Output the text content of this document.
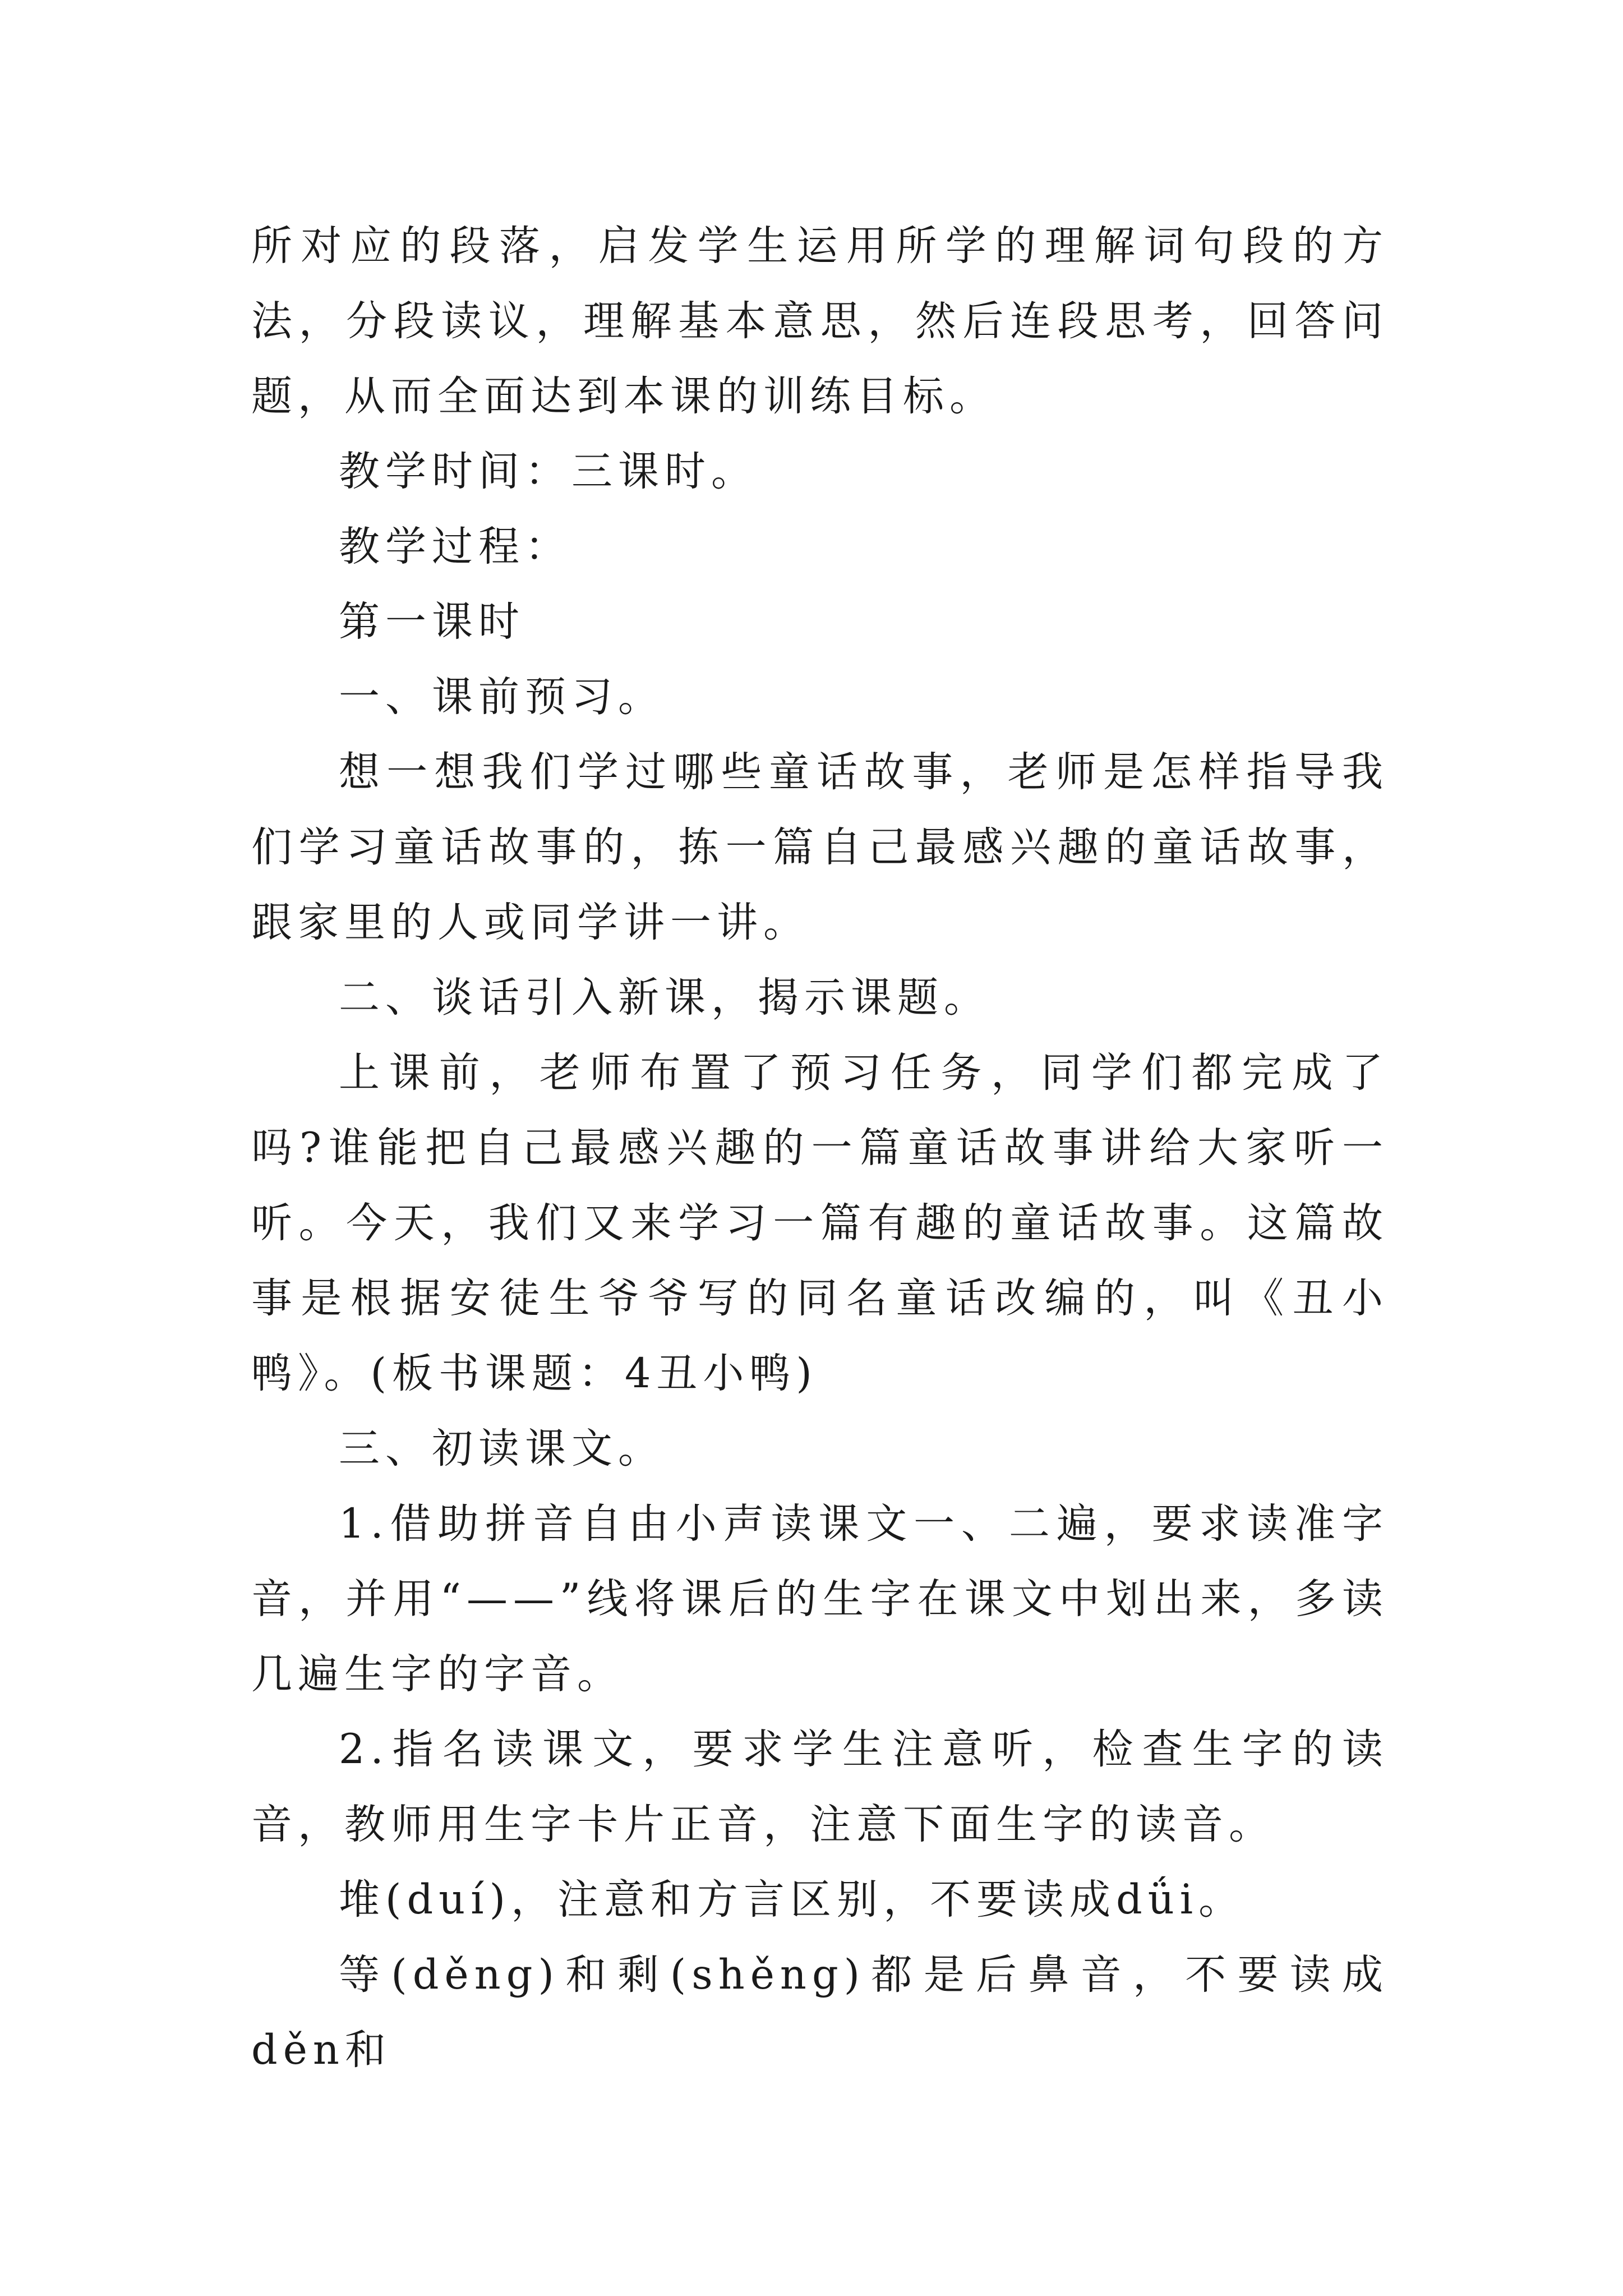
所对应的段落，启发学生运用所学的理解词句段的方法，分段读议，理解基本意思，然后连段思考，回答问题，从而全面达到本课的训练目标。

教学时间：三课时。

教学过程：

第一课时

一、课前预习。

想一想我们学过哪些童话故事，老师是怎样指导我们学习童话故事的，拣一篇自己最感兴趣的童话故事，跟家里的人或同学讲一讲。

二、谈话引入新课，揭示课题。

上课前，老师布置了预习任务，同学们都完成了吗?谁能把自己最感兴趣的一篇童话故事讲给大家听一听。今天，我们又来学习一篇有趣的童话故事。这篇故事是根据安徒生爷爷写的同名童话改编的，叫《丑小鸭》。(板书课题：4丑小鸭)

三、初读课文。

1.借助拼音自由小声读课文一、二遍，要求读准字音，并用“——”线将课后的生字在课文中划出来，多读几遍生字的字音。

2.指名读课文，要求学生注意听，检查生字的读音，教师用生字卡片正音，注意下面生字的读音。

堆(duí)，注意和方言区别，不要读成dǘi。

等(děng)和剩(shěng)都是后鼻音，不要读成děn和
